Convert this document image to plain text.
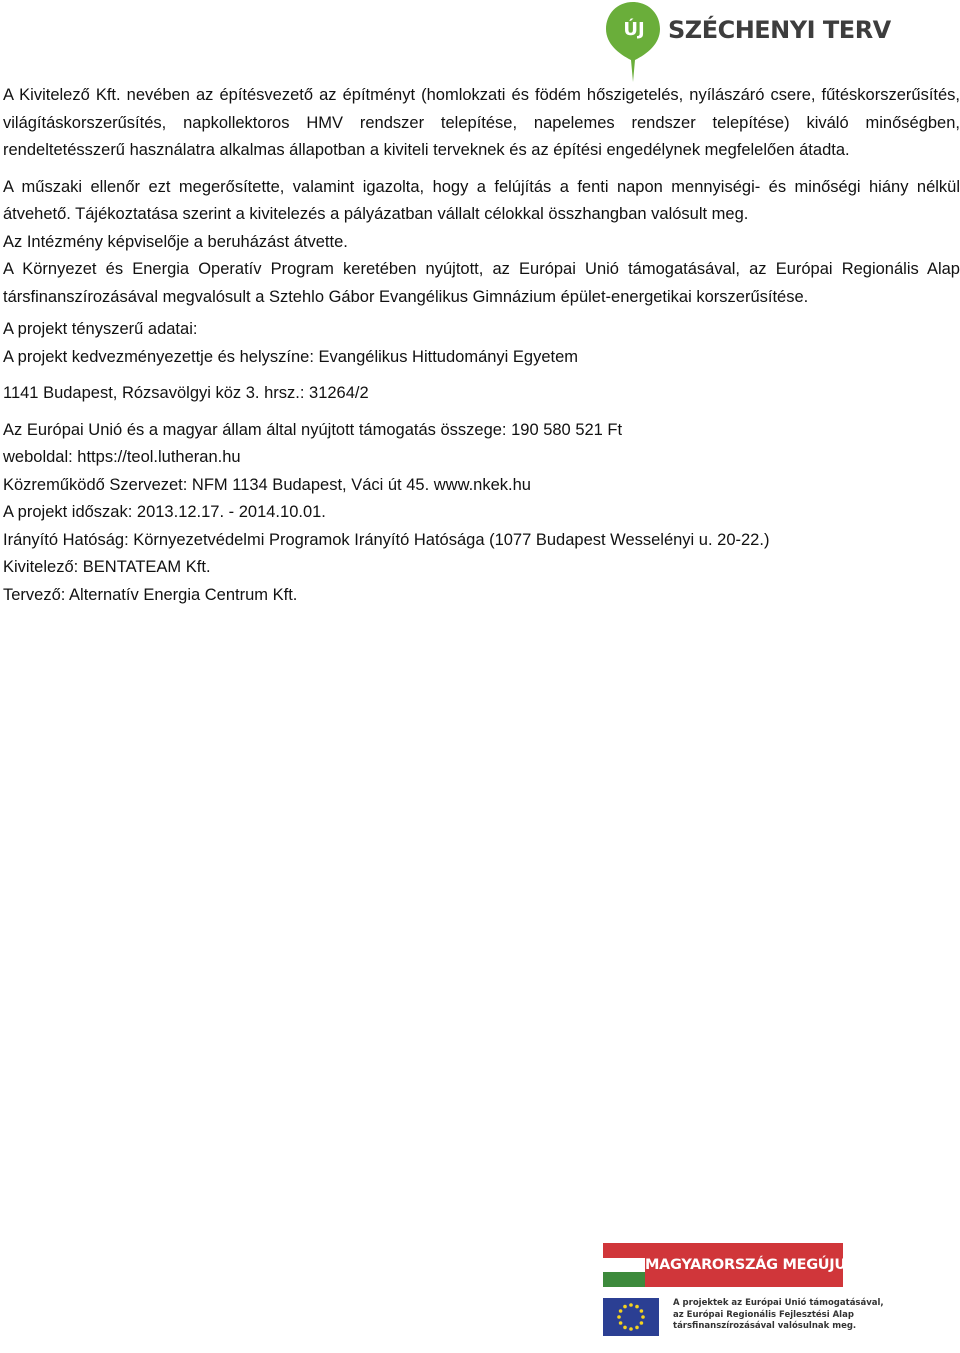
ÚJ SZÉCHENYI TERV

A Kivitelező Kft. nevében az építésvezető az építményt (homlokzati és födém hőszigetelés, nyílászáró csere, fűtéskorszerűsítés, világításkorszerűsítés, napkollektoros HMV rendszer telepítése, napelemes rendszer telepítése) kiváló minőségben, rendeltetésszerű használatra alkalmas állapotban a kiviteli terveknek és az építési engedélynek megfelelően átadta.

A műszaki ellenőr ezt megerősítette, valamint igazolta, hogy a felújítás a fenti napon mennyiségi- és minőségi hiány nélkül átvehető. Tájékoztatása szerint a kivitelezés a pályázatban vállalt célokkal összhangban valósult meg.

Az Intézmény képviselője a beruházást átvette.

A Környezet és Energia Operatív Program keretében nyújtott, az Európai Unió támogatásával, az Európai Regionális Alap társfinanszírozásával megvalósult a Sztehlo Gábor Evangélikus Gimnázium épület-energetikai korszerűsítése.

A projekt tényszerű adatai:

A projekt kedvezményezettje és helyszíne: Evangélikus Hittudományi Egyetem

1141 Budapest, Rózsavölgyi köz 3. hrsz.: 31264/2

Az Európai Unió és a magyar állam által nyújtott támogatás összege: 190 580 521 Ft

weboldal: https://teol.lutheran.hu

Közreműködő Szervezet: NFM 1134 Budapest, Váci út 45. www.nkek.hu

A projekt időszak: 2013.12.17. - 2014.10.01.

Irányító Hatóság: Környezetvédelmi Programok Irányító Hatósága (1077 Budapest Wesselényi u. 20-22.)

Kivitelező: BENTATEAM Kft.

Tervező: Alternatív Energia Centrum Kft.

MAGYARORSZÁG MEGÚJUL
A projektek az Európai Unió támogatásával,
az Európai Regionális Fejlesztési Alap
társfinanszírozásával valósulnak meg.
